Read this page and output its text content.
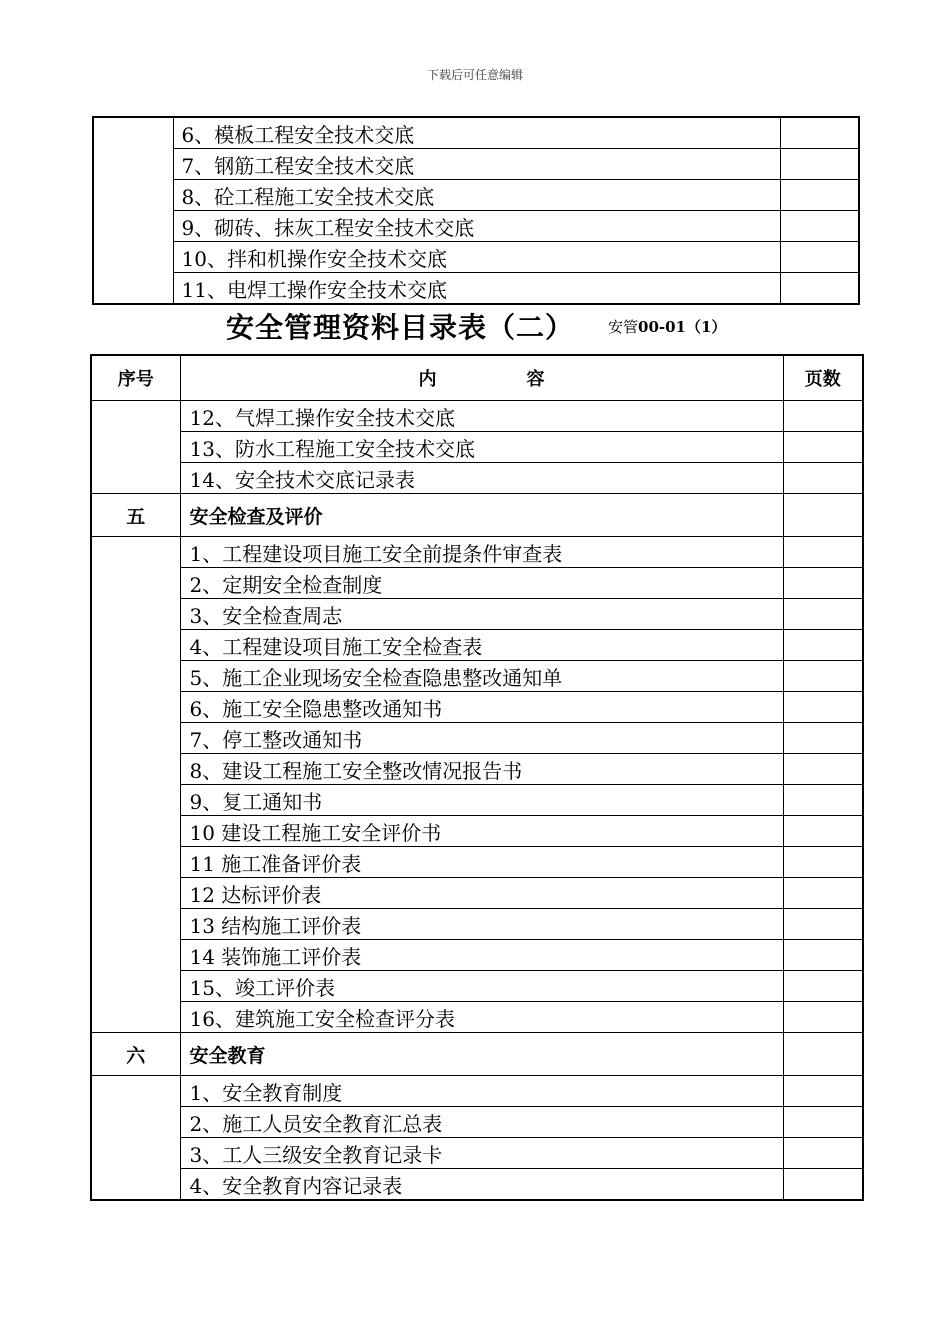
下载后可任意编辑
	6、模板工程安全技术交底	
	7、钢筋工程安全技术交底	
	8、砼工程施工安全技术交底	
	9、砌砖、抹灰工程安全技术交底	
	10、拌和机操作安全技术交底	
	11、电焊工操作安全技术交底	
安全管理资料目录表（二） 安管00-01（1）
序号	内 容	页数
	12、气焊工操作安全技术交底	
	13、防水工程施工安全技术交底	
	14、安全技术交底记录表	
五	安全检查及评价	
	1、工程建设项目施工安全前提条件审查表	
	2、定期安全检查制度	
	3、安全检查周志	
	4、工程建设项目施工安全检查表	
	5、施工企业现场安全检查隐患整改通知单	
	6、施工安全隐患整改通知书	
	7、停工整改通知书	
	8、建设工程施工安全整改情况报告书	
	9、复工通知书	
	10 建设工程施工安全评价书	
	11 施工准备评价表	
	12 达标评价表	
	13 结构施工评价表	
	14 装饰施工评价表	
	15、竣工评价表	
	16、建筑施工安全检查评分表	
六	安全教育	
	1、安全教育制度	
	2、施工人员安全教育汇总表	
	3、工人三级安全教育记录卡	
	4、安全教育内容记录表	
